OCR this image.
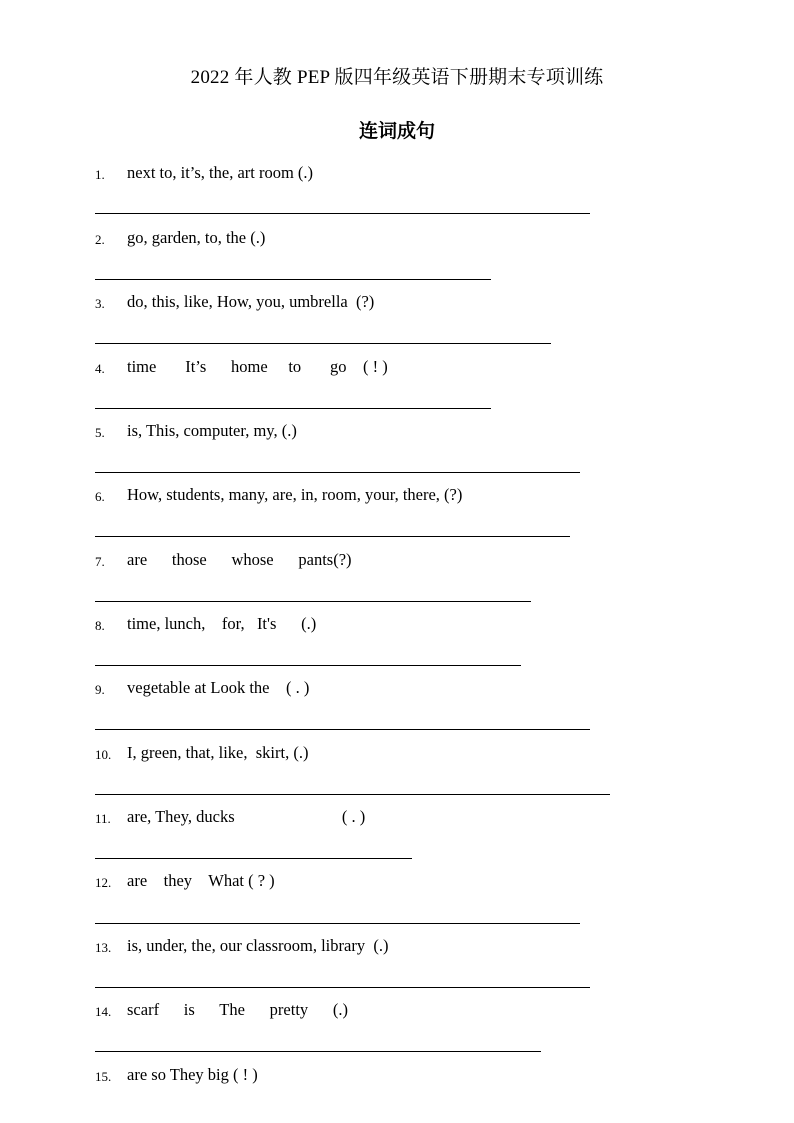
2022 年人教 PEP 版四年级英语下册期末专项训练
连词成句
1. next to, it’s, the, art room (.)
2. go, garden, to, the (.)
3. do, this, like, How, you, umbrella  (?)
4. time       It’s      home     to       go    ( ! )
5. is, This, computer, my, (.)
6. How, students, many, are, in, room, your, there, (?)
7. are      those      whose      pants(?)
8. time, lunch,    for,   It's      (.)
9. vegetable at Look the    ( . )
10. I, green, that, like,  skirt, (.)
11. are, They, ducks                          ( . )
12. are    they    What ( ? )
13. is, under, the, our classroom, library  (.)
14. scarf      is      The      pretty      (.)
15. are so They big ( ! )
